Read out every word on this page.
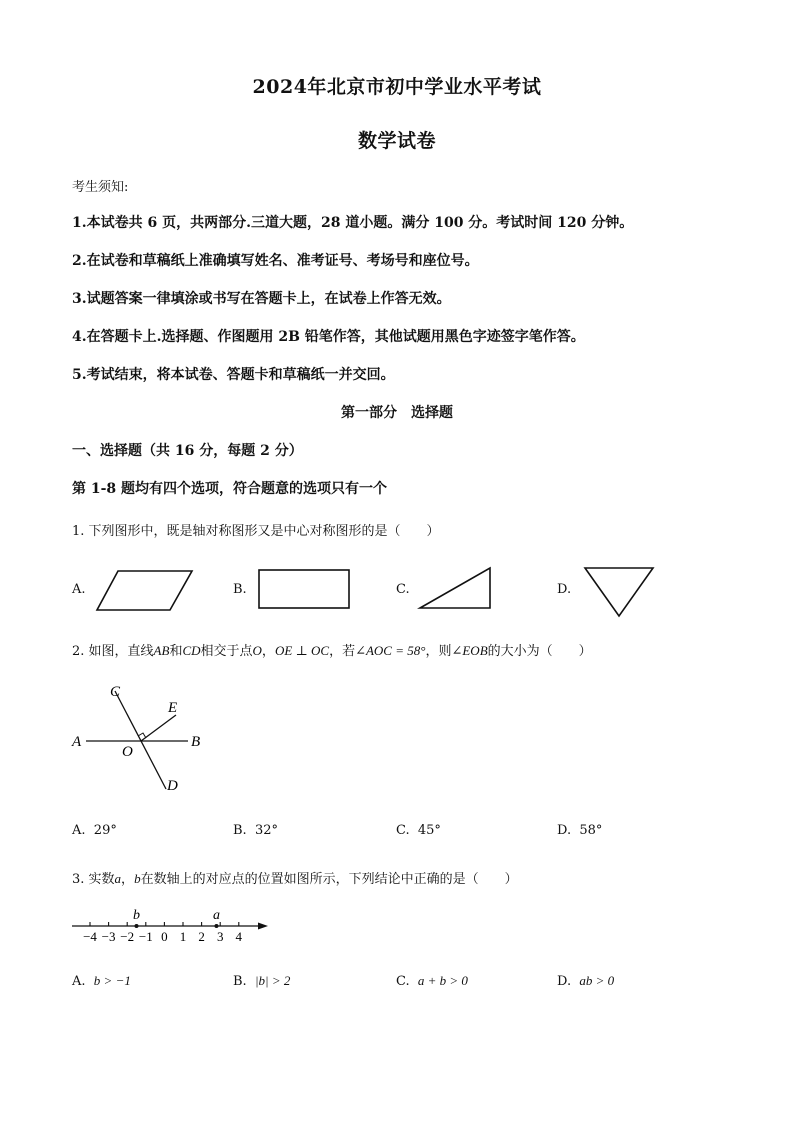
2024年北京市初中学业水平考试
数学试卷
考生须知:
1.本试卷共 6 页，共两部分.三道大题，28 道小题。满分 100 分。考试时间 120 分钟。
2.在试卷和草稿纸上准确填写姓名、准考证号、考场号和座位号。
3.试题答案一律填涂或书写在答题卡上，在试卷上作答无效。
4.在答题卡上.选择题、作图题用 2B 铅笔作答，其他试题用黑色字迹签字笔作答。
5.考试结束，将本试卷、答题卡和草稿纸一并交回。
第一部分　选择题
一、选择题（共 16 分，每题 2 分）
第 1-8 题均有四个选项，符合题意的选项只有一个
1. 下列图形中，既是轴对称图形又是中心对称图形的是（　　）
A.	B.	C.	D.
2. 如图，直线AB和CD相交于点O，OE ⊥ OC，若∠AOC = 58°，则∠EOB的大小为（　　）
A	B
C
D
E
O
A. 29°	B. 32°	C. 45°	D. 58°
3. 实数a，b在数轴上的对应点的位置如图所示，下列结论中正确的是（　　）
−4 −3 −2 −1 0 1 2 3 4
b	a
A. b > −1	B. |b| > 2	C. a + b > 0	D. ab > 0
